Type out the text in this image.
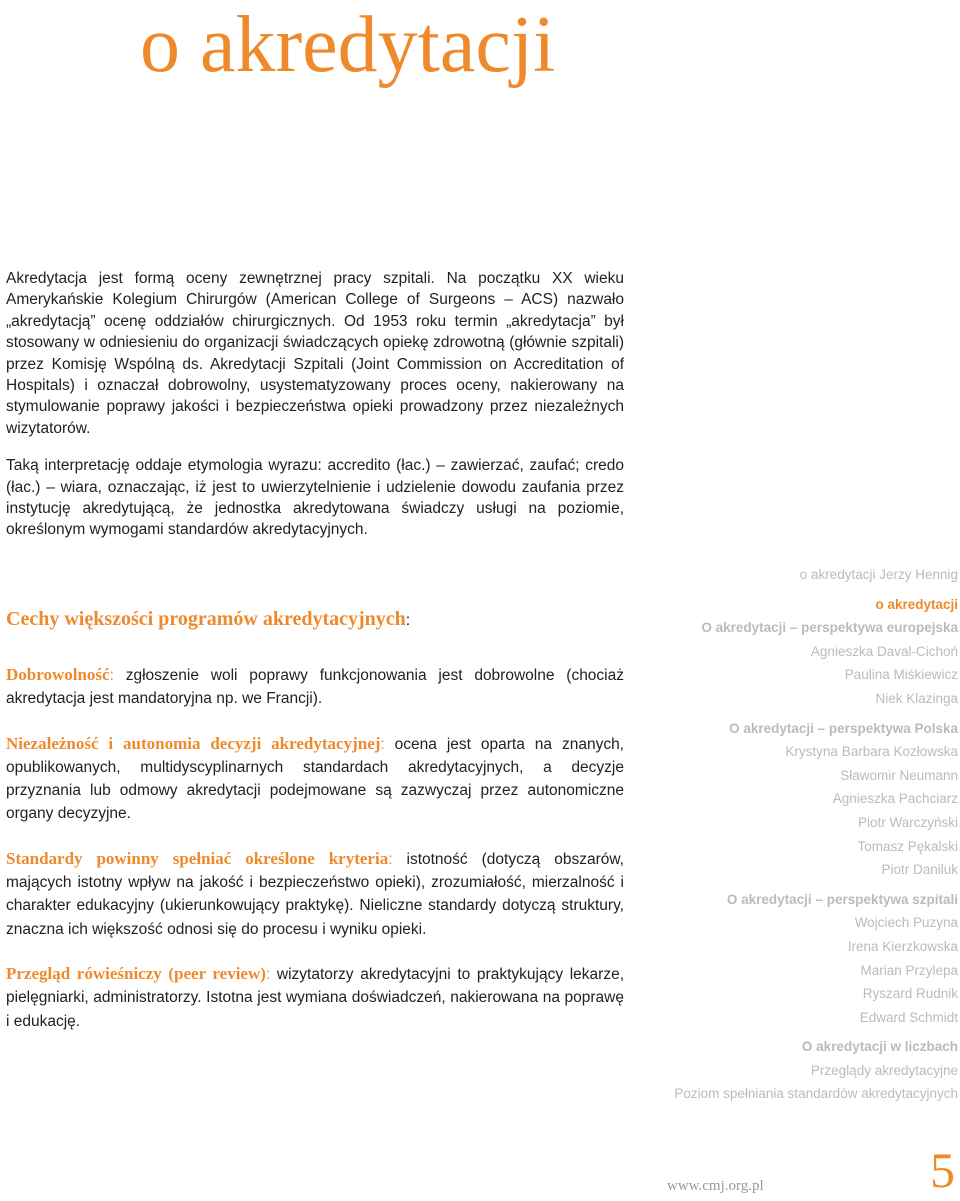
o akredytacji

Akredytacja jest formą oceny zewnętrznej pracy szpitali. Na początku XX wieku Amerykańskie Kolegium Chirurgów (American College of Surgeons – ACS) nazwało „akredytacją” ocenę oddziałów chirurgicznych. Od 1953 roku termin „akredytacja” był stosowany w odniesieniu do organizacji świadczących opiekę zdrowotną (głównie szpitali) przez Komisję Wspólną ds. Akredytacji Szpitali (Joint Commission on Accreditation of Hospitals) i oznaczał dobrowolny, usystematyzowany proces oceny, nakierowany na stymulowanie poprawy jakości i bezpieczeństwa opieki prowadzony przez niezależnych wizytatorów.

Taką interpretację oddaje etymologia wyrazu: accredito (łac.) – zawierzać, zaufać; credo (łac.) – wiara, oznaczając, iż jest to uwierzytelnienie i udzielenie dowodu zaufania przez instytucję akredytującą, że jednostka akredytowana świadczy usługi na poziomie, określonym wymogami standardów akredytacyjnych.

Cechy większości programów akredytacyjnych:

Dobrowolność: zgłoszenie woli poprawy funkcjonowania jest dobrowolne (chociaż akredytacja jest mandatoryjna np. we Francji).

Niezależność i autonomia decyzji akredytacyjnej: ocena jest oparta na znanych, opublikowanych, multidyscyplinarnych standardach akredytacyjnych, a decyzje przyznania lub odmowy akredytacji podejmowane są zazwyczaj przez autonomiczne organy decyzyjne.

Standardy powinny spełniać określone kryteria: istotność (dotyczą obszarów, mających istotny wpływ na jakość i bezpieczeństwo opieki), zrozumiałość, mierzalność i charakter edukacyjny (ukierunkowujący praktykę). Nieliczne standardy dotyczą struktury, znaczna ich większość odnosi się do procesu i wyniku opieki.

Przegląd rówieśniczy (peer review): wizytatorzy akredytacyjni to praktykujący lekarze, pielęgniarki, administratorzy. Istotna jest wymiana doświadczeń, nakierowana na poprawę i edukację.

o akredytacji Jerzy Hennig
o akredytacji
O akredytacji – perspektywa europejska
Agnieszka Daval-Cichoń
Paulina Miśkiewicz
Niek Klazinga
O akredytacji – perspektywa Polska
Krystyna Barbara Kozłowska
Sławomir Neumann
Agnieszka Pachciarz
Piotr Warczyński
Tomasz Pękalski
Piotr Daniluk
O akredytacji – perspektywa szpitali
Wojciech Puzyna
Irena Kierzkowska
Marian Przylepa
Ryszard Rudnik
Edward Schmidt
O akredytacji w liczbach
Przeglądy akredytacyjne
Poziom spełniania standardów akredytacyjnych
www.cmj.org.pl	5
